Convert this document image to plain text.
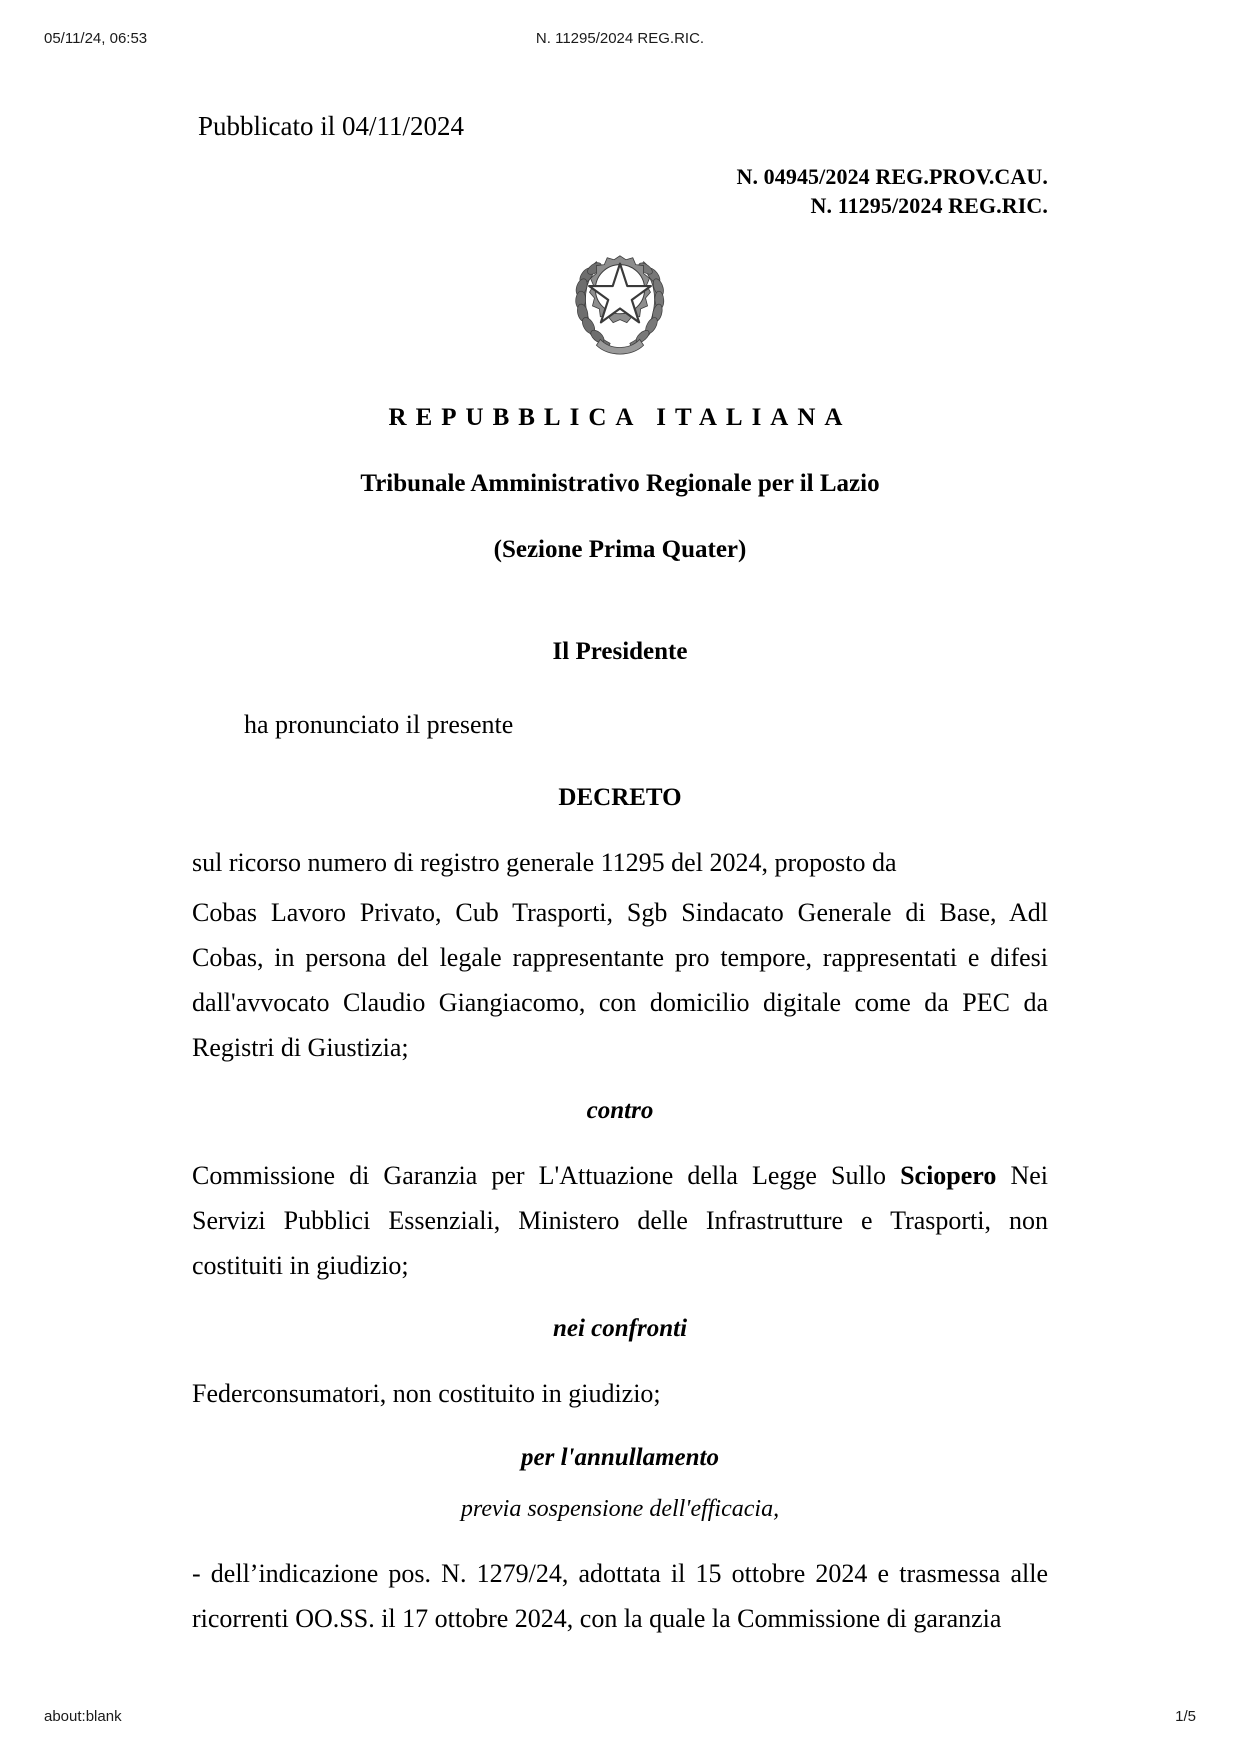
05/11/24, 06:53	N. 11295/2024 REG.RIC.
Pubblicato il 04/11/2024
N. 04945/2024 REG.PROV.CAU.
N. 11295/2024 REG.RIC.
REPUBBLICA ITALIANA
Tribunale Amministrativo Regionale per il Lazio
(Sezione Prima Quater)
Il Presidente
ha pronunciato il presente
DECRETO

sul ricorso numero di registro generale 11295 del 2024, proposto da

Cobas Lavoro Privato, Cub Trasporti, Sgb Sindacato Generale di Base, Adl Cobas, in persona del legale rappresentante pro tempore, rappresentati e difesi dall'avvocato Claudio Giangiacomo, con domicilio digitale come da PEC da Registri di Giustizia;

contro

Commissione di Garanzia per L'Attuazione della Legge Sullo Sciopero Nei Servizi Pubblici Essenziali, Ministero delle Infrastrutture e Trasporti, non costituiti in giudizio;

nei confronti

Federconsumatori, non costituito in giudizio;

per l'annullamento
previa sospensione dell'efficacia,

- dell’indicazione pos. N. 1279/24, adottata il 15 ottobre 2024 e trasmessa alle ricorrenti OO.SS. il 17 ottobre 2024, con la quale la Commissione di garanzia

about:blank	1/5
